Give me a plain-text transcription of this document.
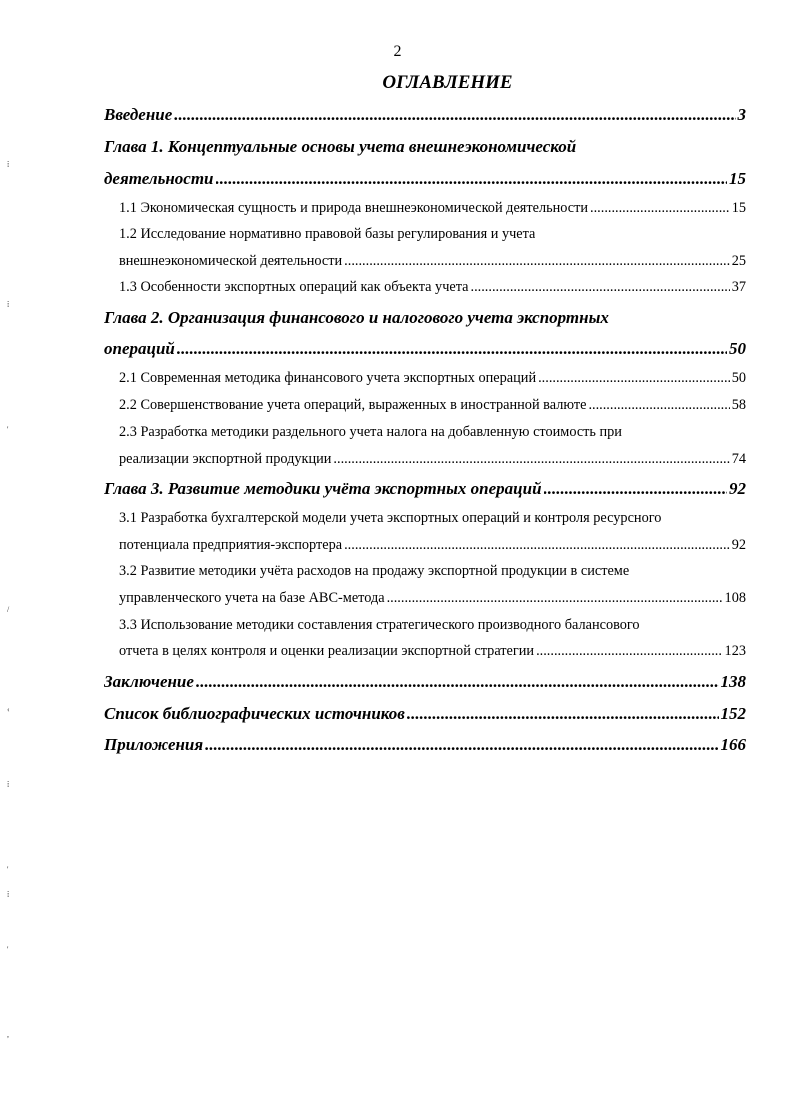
2
ОГЛАВЛЕНИЕ
Введение .....	3
Глава 1. Концептуальные основы учета внешнеэкономической
деятельности .....	15
1.1 Экономическая сущность и природа внешнеэкономической деятельности .....	15
1.2 Исследование нормативно правовой базы регулирования и учета
внешнеэкономической деятельности .....	25
1.3 Особенности экспортных операций как объекта учета .....	37
Глава 2. Организация финансового и налогового учета экспортных
операций .....	50
2.1 Современная методика финансового учета экспортных операций .....	50
2.2 Совершенствование учета операций, выраженных в иностранной валюте .....	58
2.3 Разработка методики раздельного учета налога на добавленную стоимость при
реализации экспортной продукции .....	74
Глава 3. Развитие методики учёта экспортных операций .....	92
3.1 Разработка бухгалтерской модели учета экспортных операций и контроля ресурсного
потенциала предприятия-экспортера .....	92
3.2 Развитие методики учёта расходов на продажу экспортной продукции в системе
управленческого учета на базе АВС-метода .....	108
3.3 Использование методики составления стратегического производного балансового
отчета в целях контроля и оценки реализации экспортной стратегии .....	123
Заключение .....	138
Список библиографических источников .....	152
Приложения .....	166
⁞
⁞
'
/
‹
⁞
'
⁞
'
,
